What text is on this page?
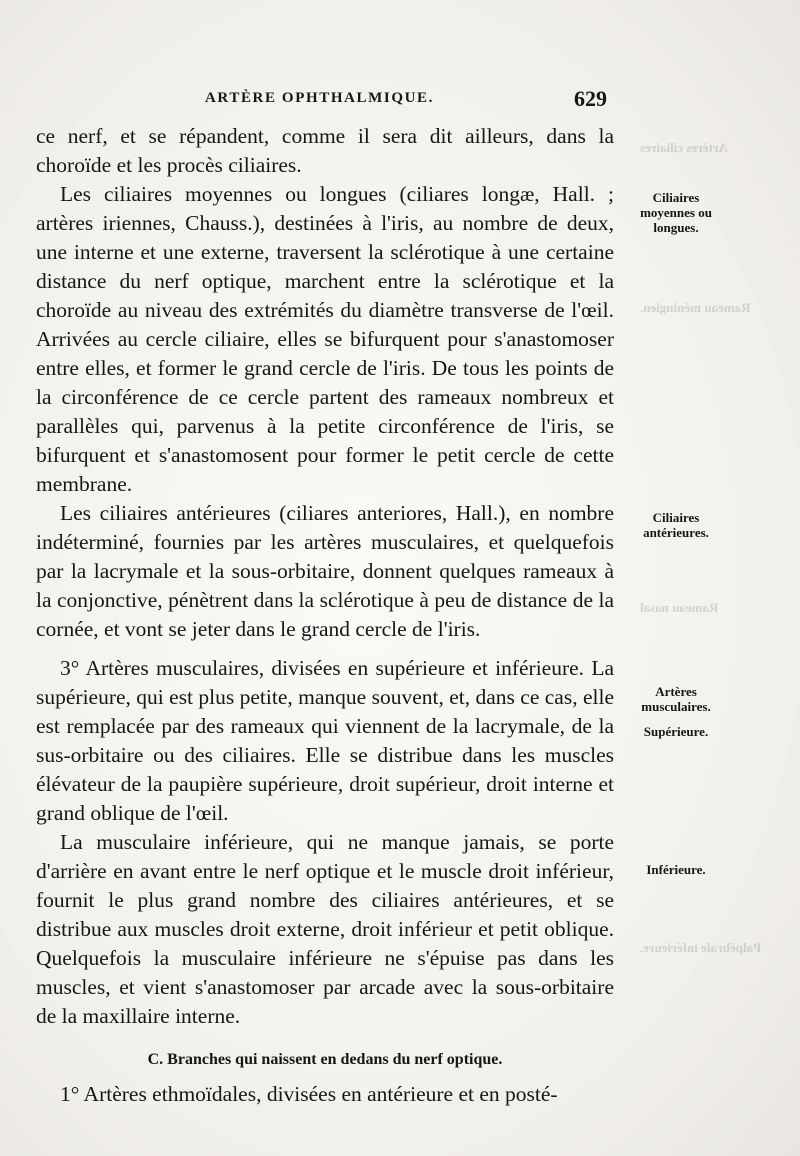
ARTÈRE OPHTHALMIQUE.	629
Artères ciliaires
Rameau méningien.
Rameau nasal
Palpébrale inférieure.

ce nerf, et se répandent, comme il sera dit ailleurs, dans la choroïde et les procès ciliaires.

Les ciliaires moyennes ou longues (ciliares longæ, Hall. ; artères iriennes, Chauss.), destinées à l'iris, au nombre de deux, une interne et une externe, traversent la sclérotique à une certaine distance du nerf optique, marchent entre la sclérotique et la choroïde au niveau des extrémités du diamètre transverse de l'œil. Arrivées au cercle ciliaire, elles se bifurquent pour s'anastomoser entre elles, et former le grand cercle de l'iris. De tous les points de la circonférence de ce cercle partent des rameaux nombreux et parallèles qui, parvenus à la petite circonférence de l'iris, se bifurquent et s'anastomosent pour former le petit cercle de cette membrane.

Les ciliaires antérieures (ciliares anteriores, Hall.), en nombre indéterminé, fournies par les artères musculaires, et quelquefois par la lacrymale et la sous-orbitaire, donnent quelques rameaux à la conjonctive, pénètrent dans la sclérotique à peu de distance de la cornée, et vont se jeter dans le grand cercle de l'iris.

3° Artères musculaires, divisées en supérieure et inférieure. La supérieure, qui est plus petite, manque souvent, et, dans ce cas, elle est remplacée par des rameaux qui viennent de la lacrymale, de la sus-orbitaire ou des ciliaires. Elle se distribue dans les muscles élévateur de la paupière supérieure, droit supérieur, droit interne et grand oblique de l'œil.

La musculaire inférieure, qui ne manque jamais, se porte d'arrière en avant entre le nerf optique et le muscle droit inférieur, fournit le plus grand nombre des ciliaires antérieures, et se distribue aux muscles droit externe, droit inférieur et petit oblique. Quelquefois la musculaire inférieure ne s'épuise pas dans les muscles, et vient s'anastomoser par arcade avec la sous-orbitaire de la maxillaire interne.

C. Branches qui naissent en dedans du nerf optique.

1° Artères ethmoïdales, divisées en antérieure et en posté-

Ciliaires moyennes ou longues.
Ciliaires antérieures.
Artères musculaires.
Supérieure.
Inférieure.
